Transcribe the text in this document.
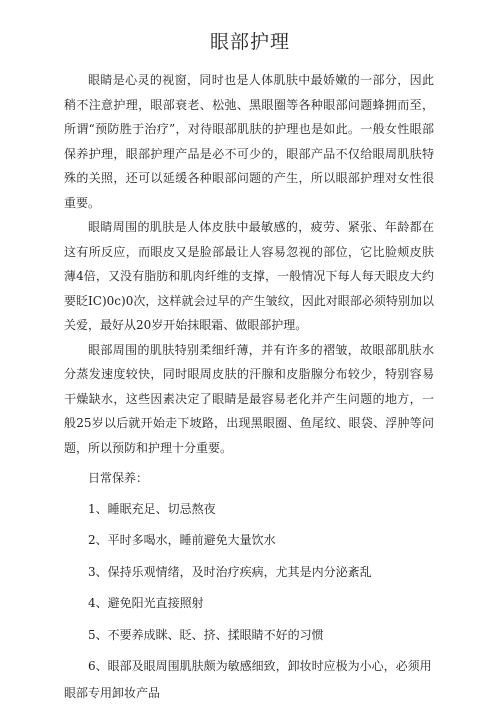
眼部护理

眼睛是心灵的视窗，同时也是人体肌肤中最娇嫩的一部分，因此稍不注意护理，眼部衰老、松弛、黑眼圈等各种眼部问题蜂拥而至，所谓“预防胜于治疗”，对待眼部肌肤的护理也是如此。一般女性眼部保养护理，眼部护理产品是必不可少的，眼部产品不仅给眼周肌肤特殊的关照，还可以延缓各种眼部问题的产生，所以眼部护理对女性很重要。

眼睛周围的肌肤是人体皮肤中最敏感的，疲劳、紧张、年龄都在这有所反应，而眼皮又是脸部最让人容易忽视的部位，它比脸颊皮肤薄4倍，又没有脂肪和肌肉纤维的支撑，一般情况下每人每天眼皮大约要眨IC)0c)0次，这样就会过早的产生皱纹，因此对眼部必须特别加以关爱，最好从20岁开始抹眼霜、做眼部护理。

眼部周围的肌肤特别柔细纤薄，并有许多的褶皱，故眼部肌肤水分蒸发速度较快，同时眼周皮肤的汗腺和皮脂腺分布较少，特别容易干燥缺水，这些因素决定了眼睛是最容易老化并产生问题的地方，一般25岁以后就开始走下坡路，出现黑眼圈、鱼尾纹、眼袋、浮肿等问题，所以预防和护理十分重要。

日常保养：

1、睡眠充足、切忌熬夜
2、平时多喝水，睡前避免大量饮水
3、保持乐观情绪，及时治疗疾病，尤其是内分泌紊乱
4、避免阳光直接照射
5、不要养成眯、眨、挤、揉眼睛不好的习惯
6、眼部及眼周围肌肤颇为敏感细致，卸妆时应极为小心，必须用

眼部专用卸妆产品
